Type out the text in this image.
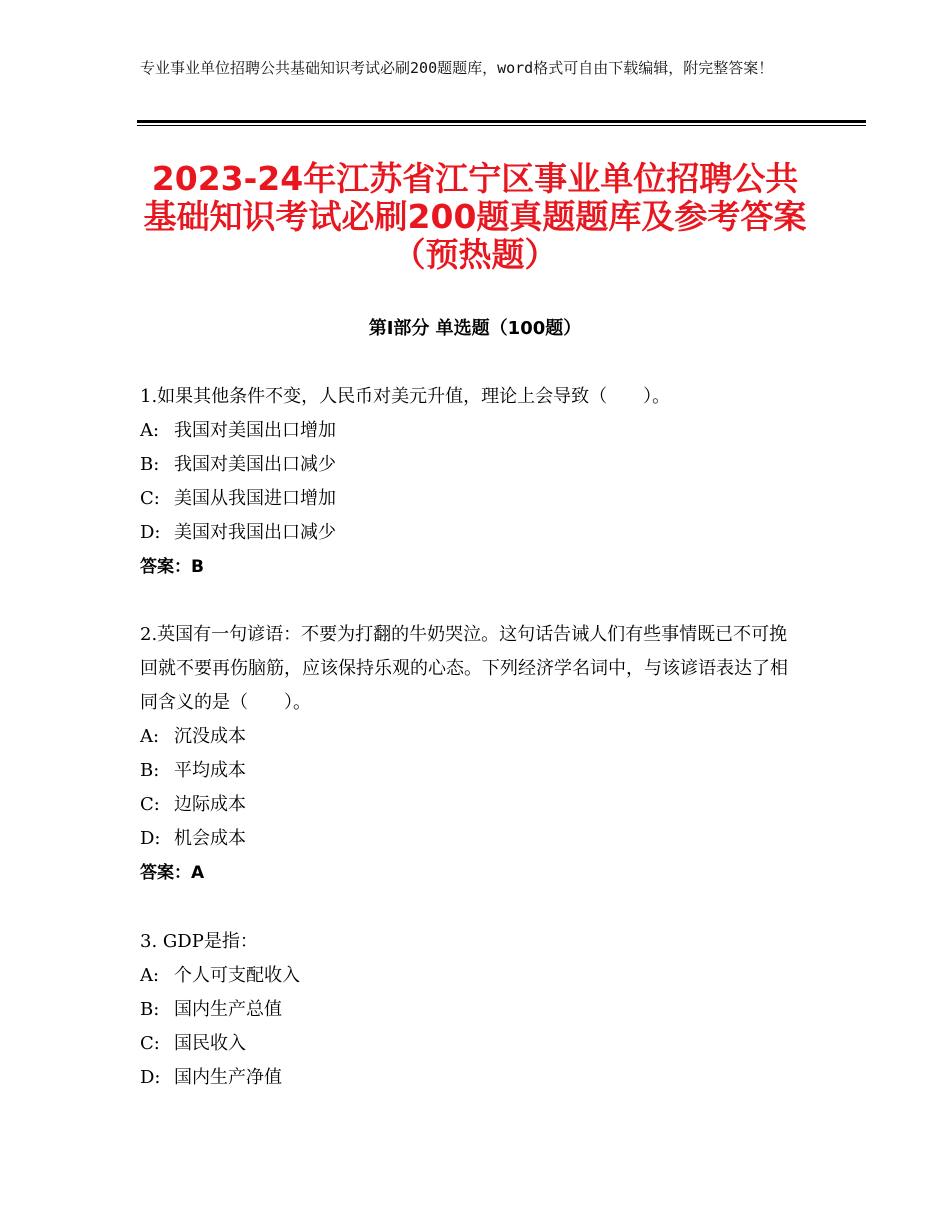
专业事业单位招聘公共基础知识考试必刷200题题库，word格式可自由下载编辑，附完整答案！
2023-24年江苏省江宁区事业单位招聘公共基础知识考试必刷200题真题题库及参考答案（预热题）
第Ⅰ部分 单选题（100题）

1.如果其他条件不变，人民币对美元升值，理论上会导致（　　）。

A: 我国对美国出口增加
B: 我国对美国出口减少
C: 美国从我国进口增加
D: 美国对我国出口减少
答案：B

2.英国有一句谚语：不要为打翻的牛奶哭泣。这句话告诫人们有些事情既已不可挽回就不要再伤脑筋，应该保持乐观的心态。下列经济学名词中，与该谚语表达了相同含义的是（　　）。

A: 沉没成本
B: 平均成本
C: 边际成本
D: 机会成本
答案：A

3. GDP是指：

A: 个人可支配收入
B: 国内生产总值
C: 国民收入
D: 国内生产净值
